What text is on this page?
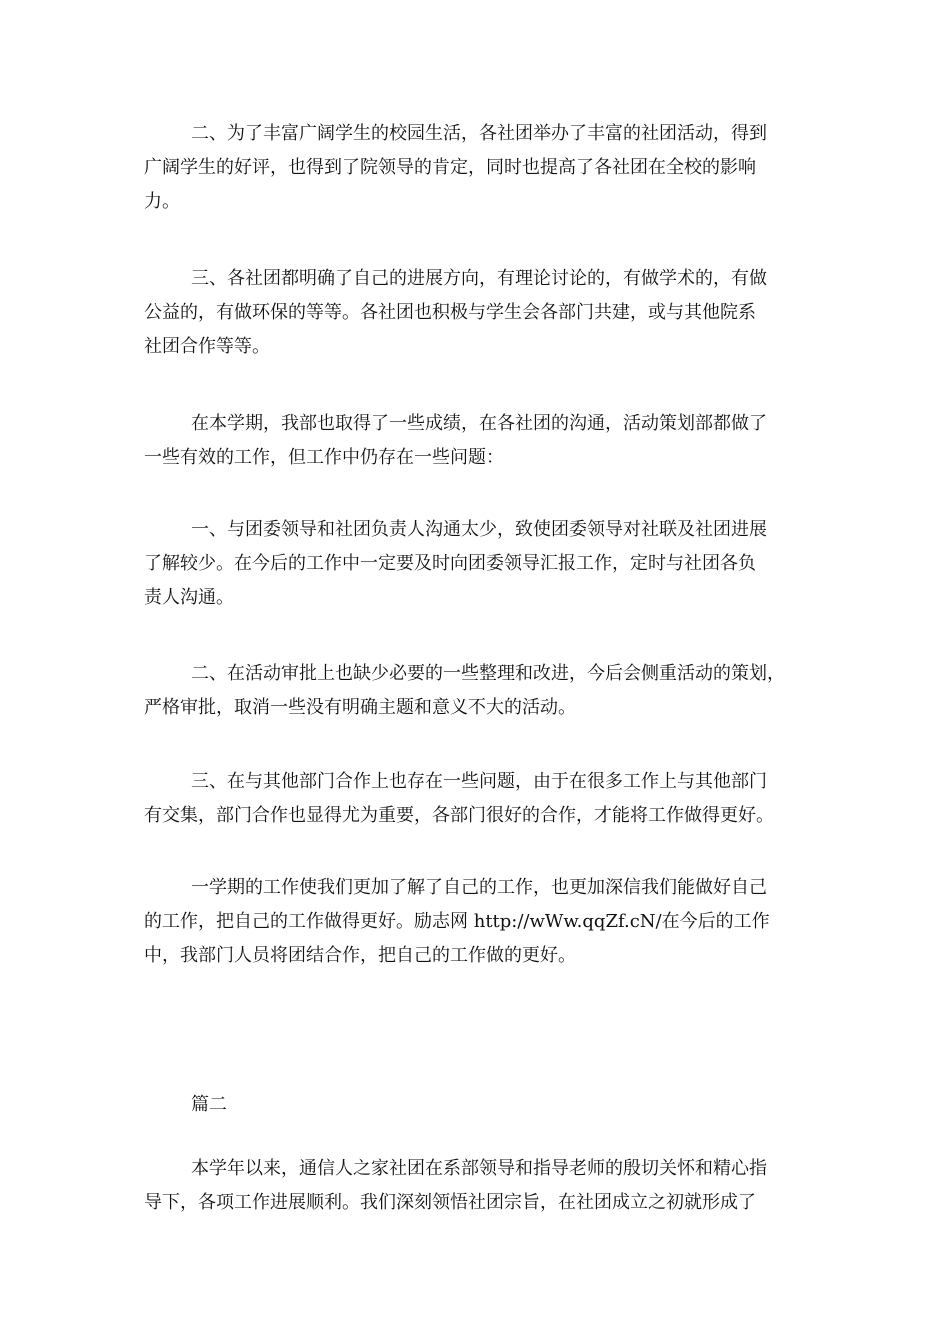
二、为了丰富广阔学生的校园生活，各社团举办了丰富的社团活动，得到
广阔学生的好评，也得到了院领导的肯定，同时也提高了各社团在全校的影响
力。

三、各社团都明确了自己的进展方向，有理论讨论的，有做学术的，有做
公益的，有做环保的等等。各社团也积极与学生会各部门共建，或与其他院系
社团合作等等。

在本学期，我部也取得了一些成绩，在各社团的沟通，活动策划部都做了
一些有效的工作，但工作中仍存在一些问题：

一、与团委领导和社团负责人沟通太少，致使团委领导对社联及社团进展
了解较少。在今后的工作中一定要及时向团委领导汇报工作，定时与社团各负
责人沟通。

二、在活动审批上也缺少必要的一些整理和改进，今后会侧重活动的策划，
严格审批，取消一些没有明确主题和意义不大的活动。

三、在与其他部门合作上也存在一些问题，由于在很多工作上与其他部门
有交集，部门合作也显得尤为重要，各部门很好的合作，才能将工作做得更好。

一学期的工作使我们更加了解了自己的工作，也更加深信我们能做好自己
的工作，把自己的工作做得更好。励志网 http://wWw.qqZf.cN/在今后的工作
中，我部门人员将团结合作，把自己的工作做的更好。

篇二

本学年以来，通信人之家社团在系部领导和指导老师的殷切关怀和精心指
导下，各项工作进展顺利。我们深刻领悟社团宗旨，在社团成立之初就形成了
